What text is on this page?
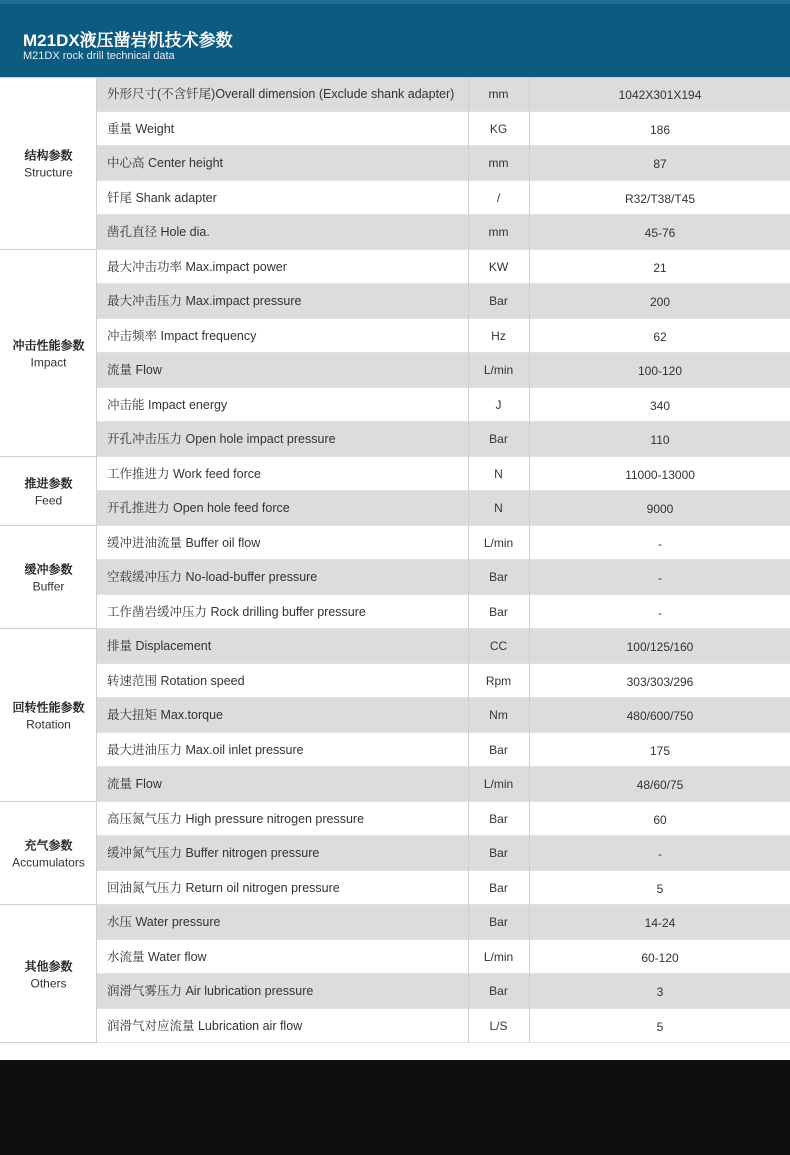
M21DX液压凿岩机技术参数
M21DX rock drill technical data
结构参数
Structure
外形尺寸(不含钎尾)Overall dimension (Exclude shank adapter)	mm	1042X301X194
重量 Weight	KG	186
中心高 Center height	mm	87
钎尾 Shank adapter	/	R32/T38/T45
凿孔直径 Hole dia.	mm	45-76
冲击性能参数
Impact
最大冲击功率 Max.impact power	KW	21
最大冲击压力 Max.impact pressure	Bar	200
冲击频率 Impact frequency	Hz	62
流量 Flow	L/min	100-120
冲击能 Impact energy	J	340
开孔冲击压力 Open hole impact pressure	Bar	110
推进参数
Feed
工作推进力 Work feed force	N	11000-13000
开孔推进力 Open hole feed force	N	9000
缓冲参数
Buffer
缓冲进油流量 Buffer oil flow	L/min	-
空载缓冲压力 No-load-buffer pressure	Bar	-
工作凿岩缓冲压力 Rock drilling buffer pressure	Bar	-
回转性能参数
Rotation
排量 Displacement	CC	100/125/160
转速范围 Rotation speed	Rpm	303/303/296
最大扭矩 Max.torque	Nm	480/600/750
最大进油压力 Max.oil inlet pressure	Bar	175
流量 Flow	L/min	48/60/75
充气参数
Accumulators
高压氮气压力 High pressure nitrogen pressure	Bar	60
缓冲氮气压力 Buffer nitrogen pressure	Bar	-
回油氮气压力 Return oil nitrogen pressure	Bar	5
其他参数
Others
水压 Water pressure	Bar	14-24
水流量 Water flow	L/min	60-120
润滑气雾压力 Air lubrication pressure	Bar	3
润滑气对应流量 Lubrication air flow	L/S	5
